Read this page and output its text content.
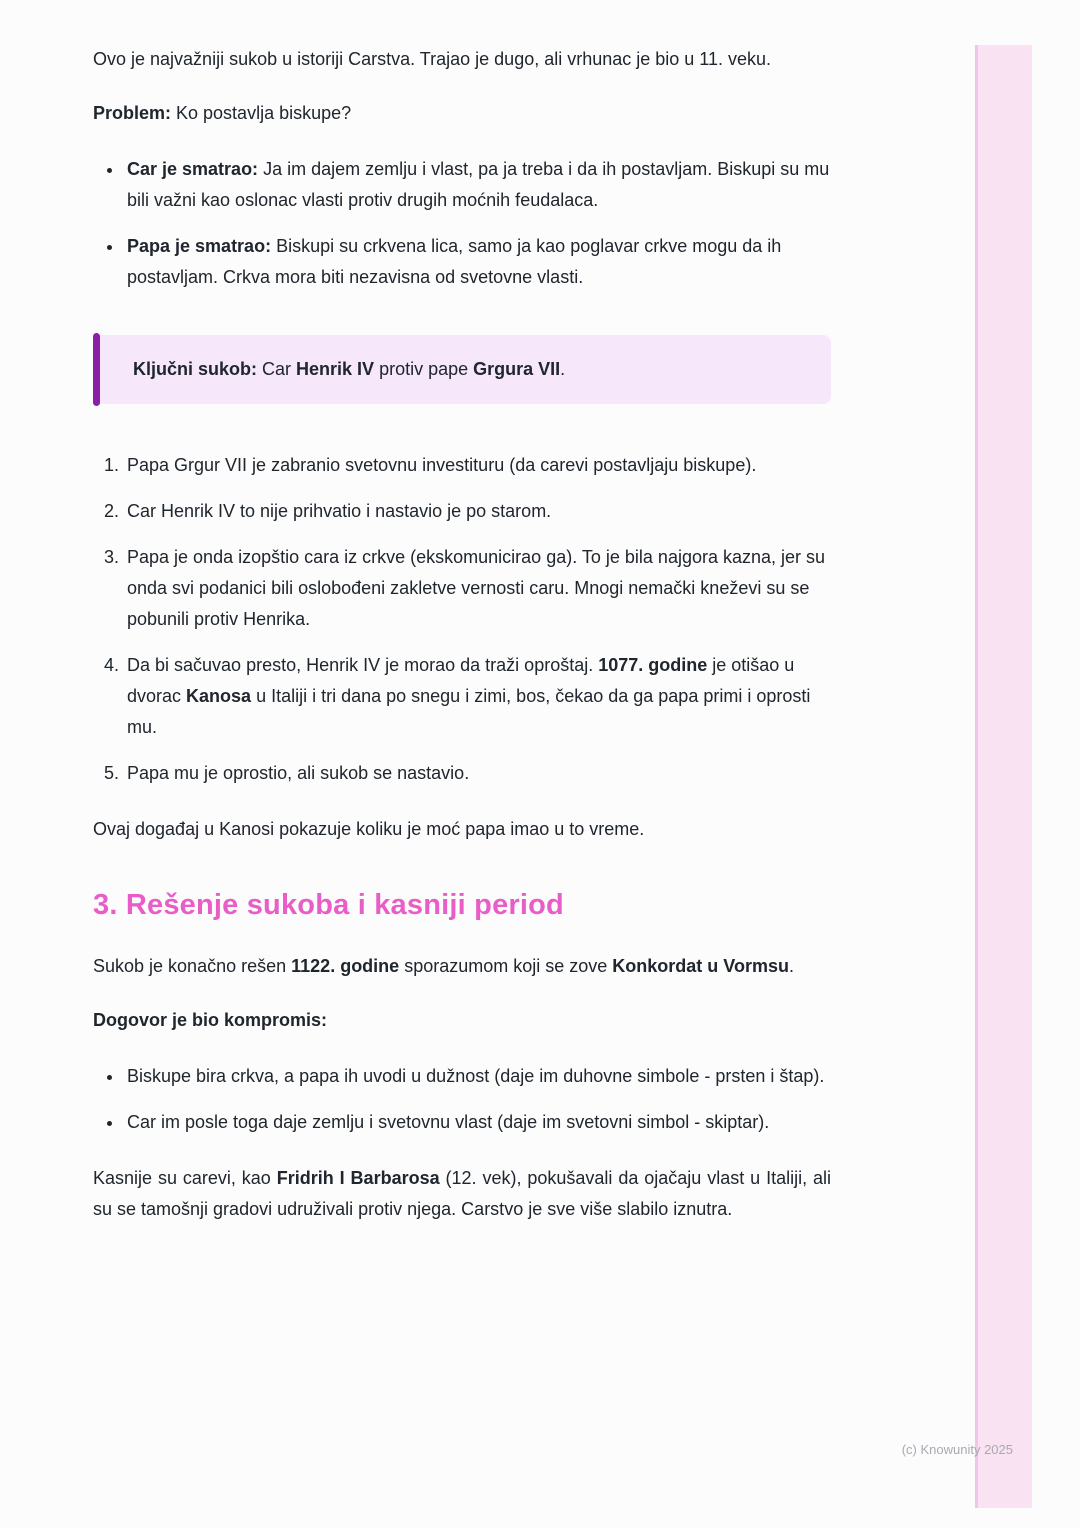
Ovo je najvažniji sukob u istoriji Carstva. Trajao je dugo, ali vrhunac je bio u 11. veku.

Problem: Ko postavlja biskupe?

• Car je smatrao: Ja im dajem zemlju i vlast, pa ja treba i da ih postavljam. Biskupi su mu bili važni kao oslonac vlasti protiv drugih moćnih feudalaca.
• Papa je smatrao: Biskupi su crkvena lica, samo ja kao poglavar crkve mogu da ih postavljam. Crkva mora biti nezavisna od svetovne vlasti.

Ključni sukob: Car Henrik IV protiv pape Grgura VII.

1. Papa Grgur VII je zabranio svetovnu investituru (da carevi postavljaju biskupe).
2. Car Henrik IV to nije prihvatio i nastavio je po starom.
3. Papa je onda izopštio cara iz crkve (ekskomunicirao ga). To je bila najgora kazna, jer su onda svi podanici bili oslobođeni zakletve vernosti caru. Mnogi nemački kneževi su se pobunili protiv Henrika.
4. Da bi sačuvao presto, Henrik IV je morao da traži oproštaj. 1077. godine je otišao u dvorac Kanosa u Italiji i tri dana po snegu i zimi, bos, čekao da ga papa primi i oprosti mu.
5. Papa mu je oprostio, ali sukob se nastavio.

Ovaj događaj u Kanosi pokazuje koliku je moć papa imao u to vreme.

3. Rešenje sukoba i kasniji period

Sukob je konačno rešen 1122. godine sporazumom koji se zove Konkordat u Vormsu.

Dogovor je bio kompromis:

• Biskupe bira crkva, a papa ih uvodi u dužnost (daje im duhovne simbole - prsten i štap).
• Car im posle toga daje zemlju i svetovnu vlast (daje im svetovni simbol - skiptar).

Kasnije su carevi, kao Fridrih I Barbarosa (12. vek), pokušavali da ojačaju vlast u Italiji, ali su se tamošnji gradovi udruživali protiv njega. Carstvo je sve više slabilo iznutra.

(c) Knowunity 2025
